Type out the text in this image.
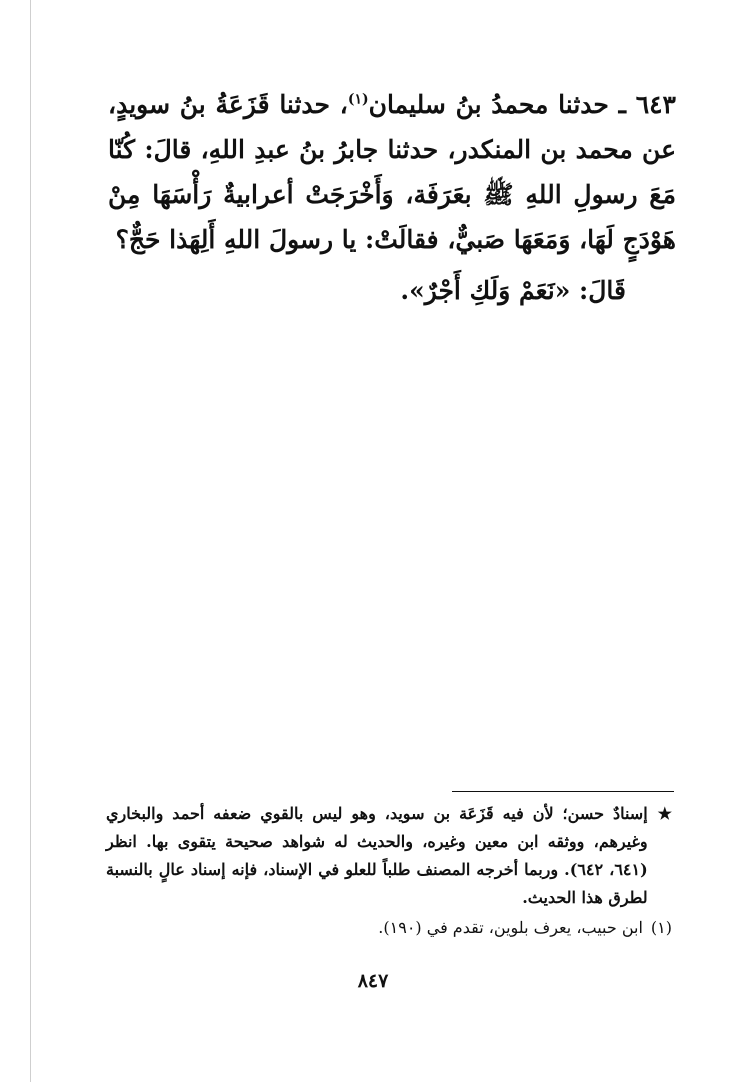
٦٤٣ ـ حدثنا محمدُ بنُ سليمان$^{(١)}$، حدثنا قَزَعَةُ بنُ سويدٍ، عن محمد بن المنكدر، حدثنا جابرُ بنُ عبدِ اللهِ، قالَ: كُنّا مَعَ رسولِ اللهِ ﷺ بعَرَفَة، وَأَخْرَجَتْ أعرابيةٌ رَأْسَهَا مِنْ هَوْدَجٍ لَهَا، وَمَعَهَا صَبيٌّ، فقالَتْ: يا رسولَ اللهِ أَلِهَذا حَجٌّ؟

قَالَ: «نَعَمْ وَلَكِ أَجْرٌ».

★
إسنادٌ حسن؛ لأن فيه قَزَعَة بن سويد، وهو ليس بالقوي ضعفه أحمد والبخاري وغيرهم، ووثقه ابن معين وغيره، والحديث له شواهد صحيحة يتقوى بها. انظر (٦٤١، ٦٤٢). وربما أخرجه المصنف طلباً للعلو في الإسناد، فإنه إسناد عالٍ بالنسبة لطرق هذا الحديث.
(١)
ابن حبيب، يعرف بلوين، تقدم في (١٩٠).
٨٤٧
